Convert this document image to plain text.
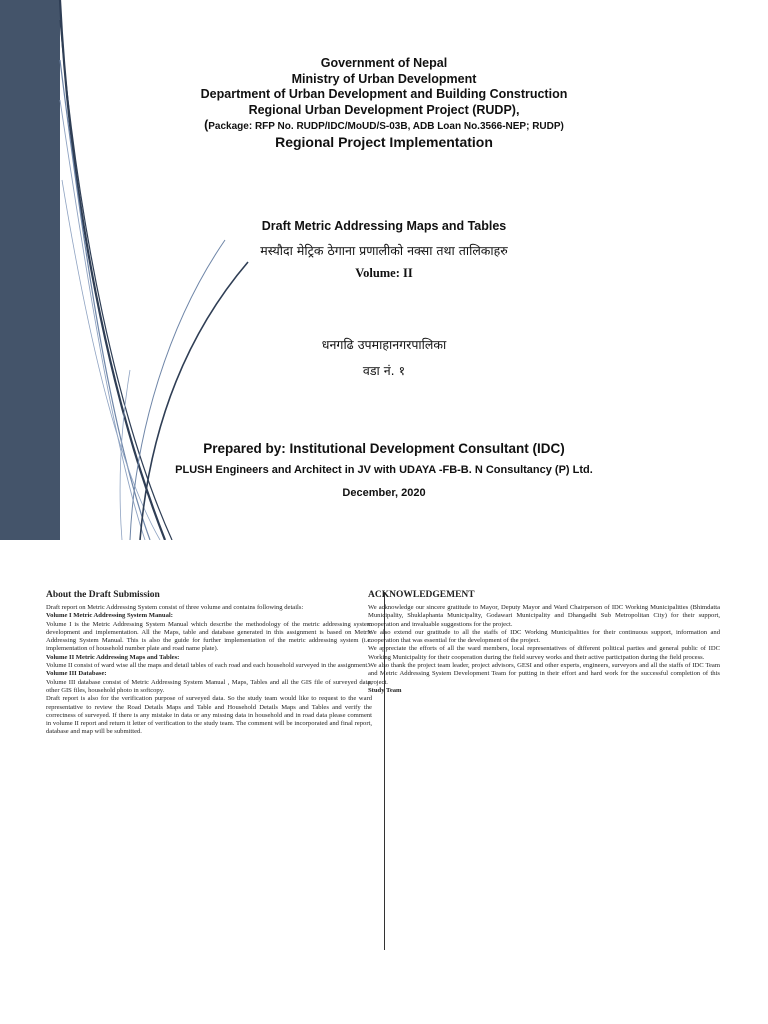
Government of Nepal
Ministry of Urban Development
Department of Urban Development and Building Construction
Regional Urban Development Project (RUDP),
(Package: RFP No. RUDP/IDC/MoUD/S-03B, ADB Loan No.3566-NEP; RUDP)
Regional Project Implementation
Draft Metric Addressing Maps and Tables
मस्यौदा मेट्रिक ठेगाना प्रणालीको नक्सा तथा तालिकाहरु
Volume: II
धनगढि उपमाहानगरपालिका
वडा नं. १
Prepared by: Institutional Development Consultant (IDC)
PLUSH Engineers and Architect in JV with UDAYA -FB-B. N Consultancy (P) Ltd.
December, 2020
About the Draft Submission

Draft report on Metric Addressing System consist of three volume and contains following details:

Volume I Metric Addressing System Manual:

Volume I is the Metric Addressing System Manual which describe the methodology of the metric addressing system development and implementation. All the Maps, table and database generated in this assignment is based on Metric Addressing System Manual. This is also the guide for further implementation of the metric addressing system (i.e. implementation of household number plate and road name plate).

Volume II Metric Addressing Maps and Tables:

Volume II consist of ward wise all the maps and detail tables of each road and each household surveyed in the assignment.

Volume III Database:

Volume III database consist of Metric Addressing System Manual , Maps, Tables and all the GIS file of surveyed data, other GIS files, household photo in softcopy.

Draft report is also for the verification purpose of surveyed data. So the study team would like to request to the ward representative to review the Road Details Maps and Table and Household Details Maps and Tables and verify the correctness of surveyed. If there is any mistake in data or any missing data in household and in road data please comment in volume II report and return it letter of verification to the study team. The comment will be incorporated and final report, database and map will be submitted.

ACKNOWLEDGEMENT

We acknowledge our sincere gratitude to Mayor, Deputy Mayor and Ward Chairperson of IDC Working Municipalities (Bhimdatta Municipality, Shuklaphanta Municipality, Godawari Municipality and Dhangadhi Sub Metropolitan City) for their support, cooperation and invaluable suggestions for the project.

We also extend our gratitude to all the staffs of IDC Working Municipalities for their continuous support, information and cooperation that was essential for the development of the project.

We appreciate the efforts of all the ward members, local representatives of different political parties and general public of IDC Working Municipality for their cooperation during the field survey works and their active participation during the field process.

We also thank the project team leader, project advisors, GESI and other experts, engineers, surveyors and all the staffs of IDC Team and Metric Addressing System Development Team for putting in their effort and hard work for the successful completion of this project.

Study Team
